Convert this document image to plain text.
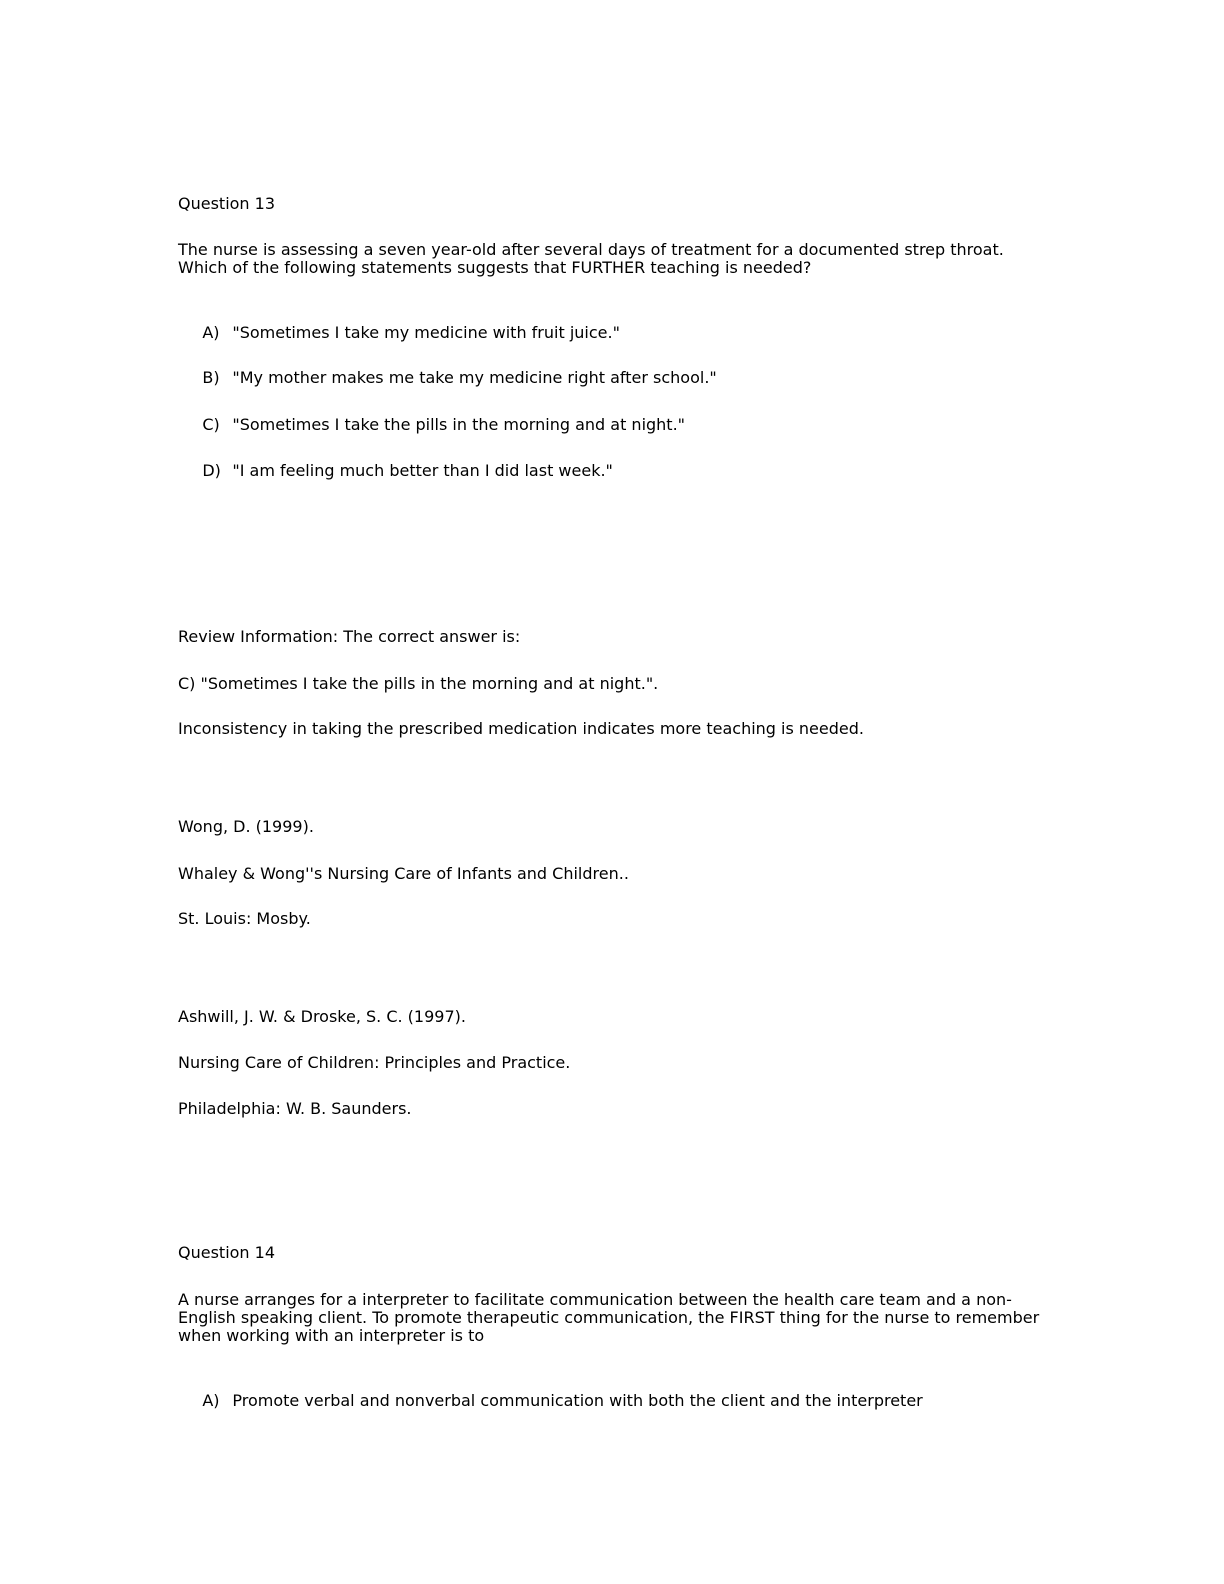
Question 13
The nurse is assessing a seven year-old after several days of treatment for a documented strep throat.
Which of the following statements suggests that FURTHER teaching is needed?

A) "Sometimes I take my medicine with fruit juice."

B) "My mother makes me take my medicine right after school."

C) "Sometimes I take the pills in the morning and at night."

D) "I am feeling much better than I did last week."

Review Information: The correct answer is:
C) "Sometimes I take the pills in the morning and at night.".
Inconsistency in taking the prescribed medication indicates more teaching is needed.
Wong, D. (1999).
Whaley & Wong''s Nursing Care of Infants and Children..
St. Louis: Mosby.
Ashwill, J. W. & Droske, S. C. (1997).
Nursing Care of Children: Principles and Practice.
Philadelphia: W. B. Saunders.
Question 14
A nurse arranges for a interpreter to facilitate communication between the health care team and a non-
English speaking client. To promote therapeutic communication, the FIRST thing for the nurse to remember
when working with an interpreter is to

A) Promote verbal and nonverbal communication with both the client and the interpreter
